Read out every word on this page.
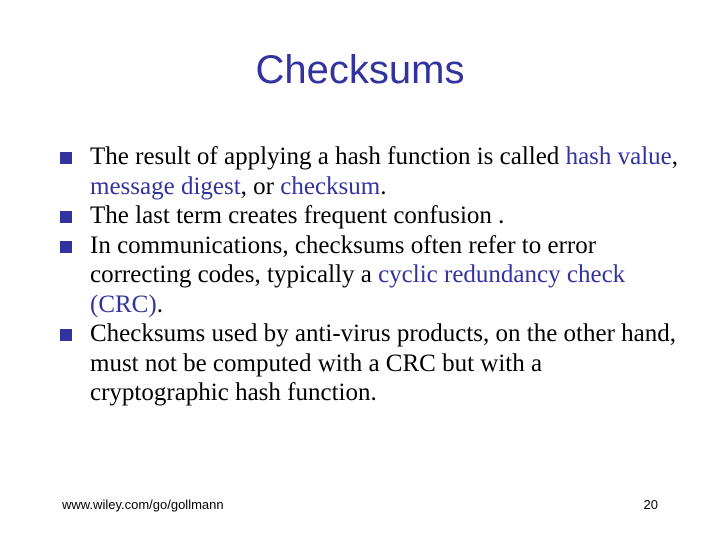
Checksums
The result of applying a hash function is called hash value, message digest, or checksum.
The last term creates frequent confusion .
In communications, checksums often refer to error correcting codes, typically a cyclic redundancy check (CRC).
Checksums used by anti-virus products, on the other hand, must not be computed with a CRC but with a cryptographic hash function.
www.wiley.com/go/gollmann	20
